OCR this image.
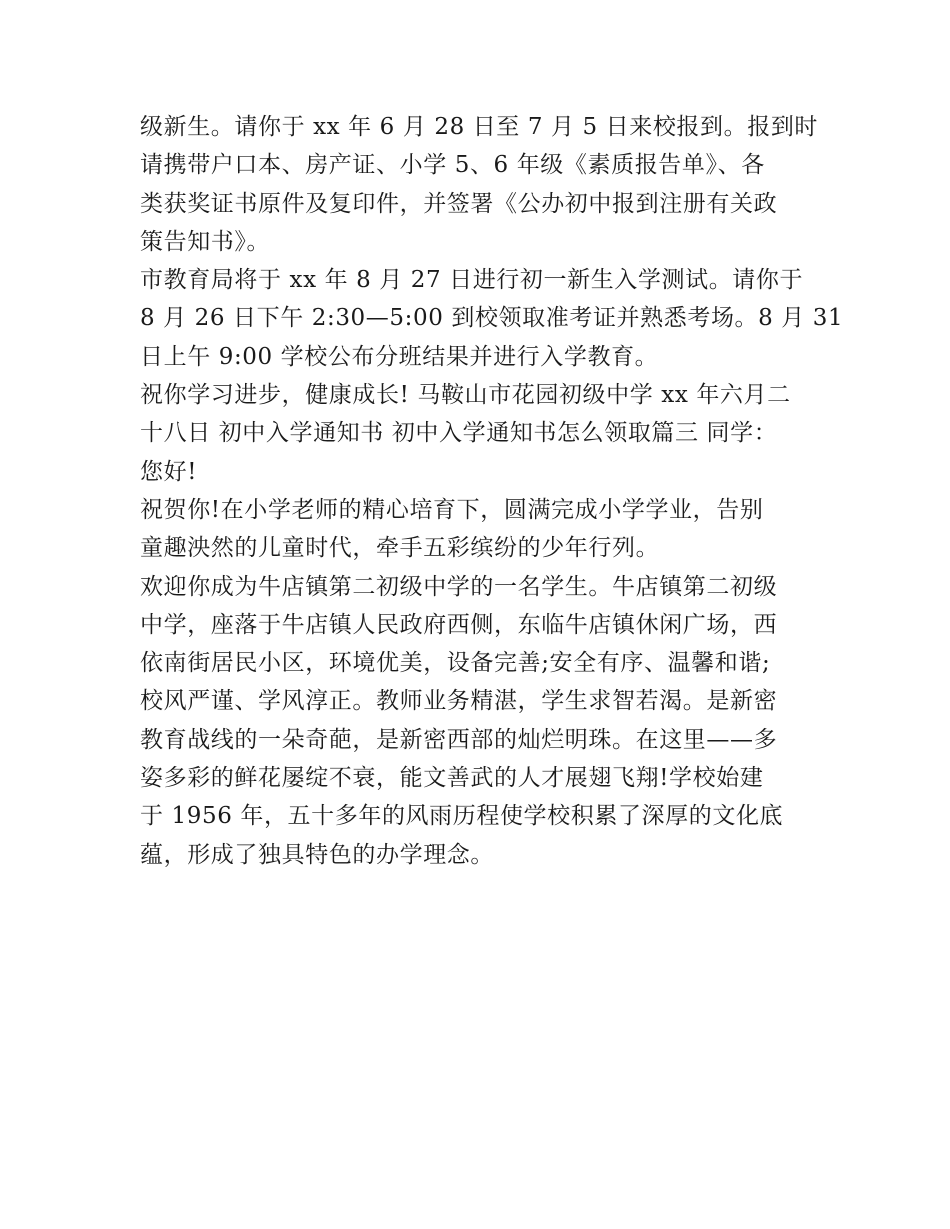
级新生。请你于 xx 年 6 月 28 日至 7 月 5 日来校报到。报到时
请携带户口本、房产证、小学 5、6 年级《素质报告单》、各
类获奖证书原件及复印件，并签署《公办初中报到注册有关政
策告知书》。
市教育局将于 xx 年 8 月 27 日进行初一新生入学测试。请你于
8 月 26 日下午 2:30—5:00 到校领取准考证并熟悉考场。8 月 31
日上午 9:00 学校公布分班结果并进行入学教育。
祝你学习进步，健康成长! 马鞍山市花园初级中学 xx 年六月二
十八日 初中入学通知书 初中入学通知书怎么领取篇三 同学：
您好!
祝贺你!在小学老师的精心培育下，圆满完成小学学业，告别
童趣泱然的儿童时代，牵手五彩缤纷的少年行列。
欢迎你成为牛店镇第二初级中学的一名学生。牛店镇第二初级
中学，座落于牛店镇人民政府西侧，东临牛店镇休闲广场，西
依南街居民小区，环境优美，设备完善;安全有序、温馨和谐;
校风严谨、学风淳正。教师业务精湛，学生求智若渴。是新密
教育战线的一朵奇葩，是新密西部的灿烂明珠。在这里——多
姿多彩的鲜花屡绽不衰，能文善武的人才展翅飞翔!学校始建
于 1956 年，五十多年的风雨历程使学校积累了深厚的文化底
蕴，形成了独具特色的办学理念。
